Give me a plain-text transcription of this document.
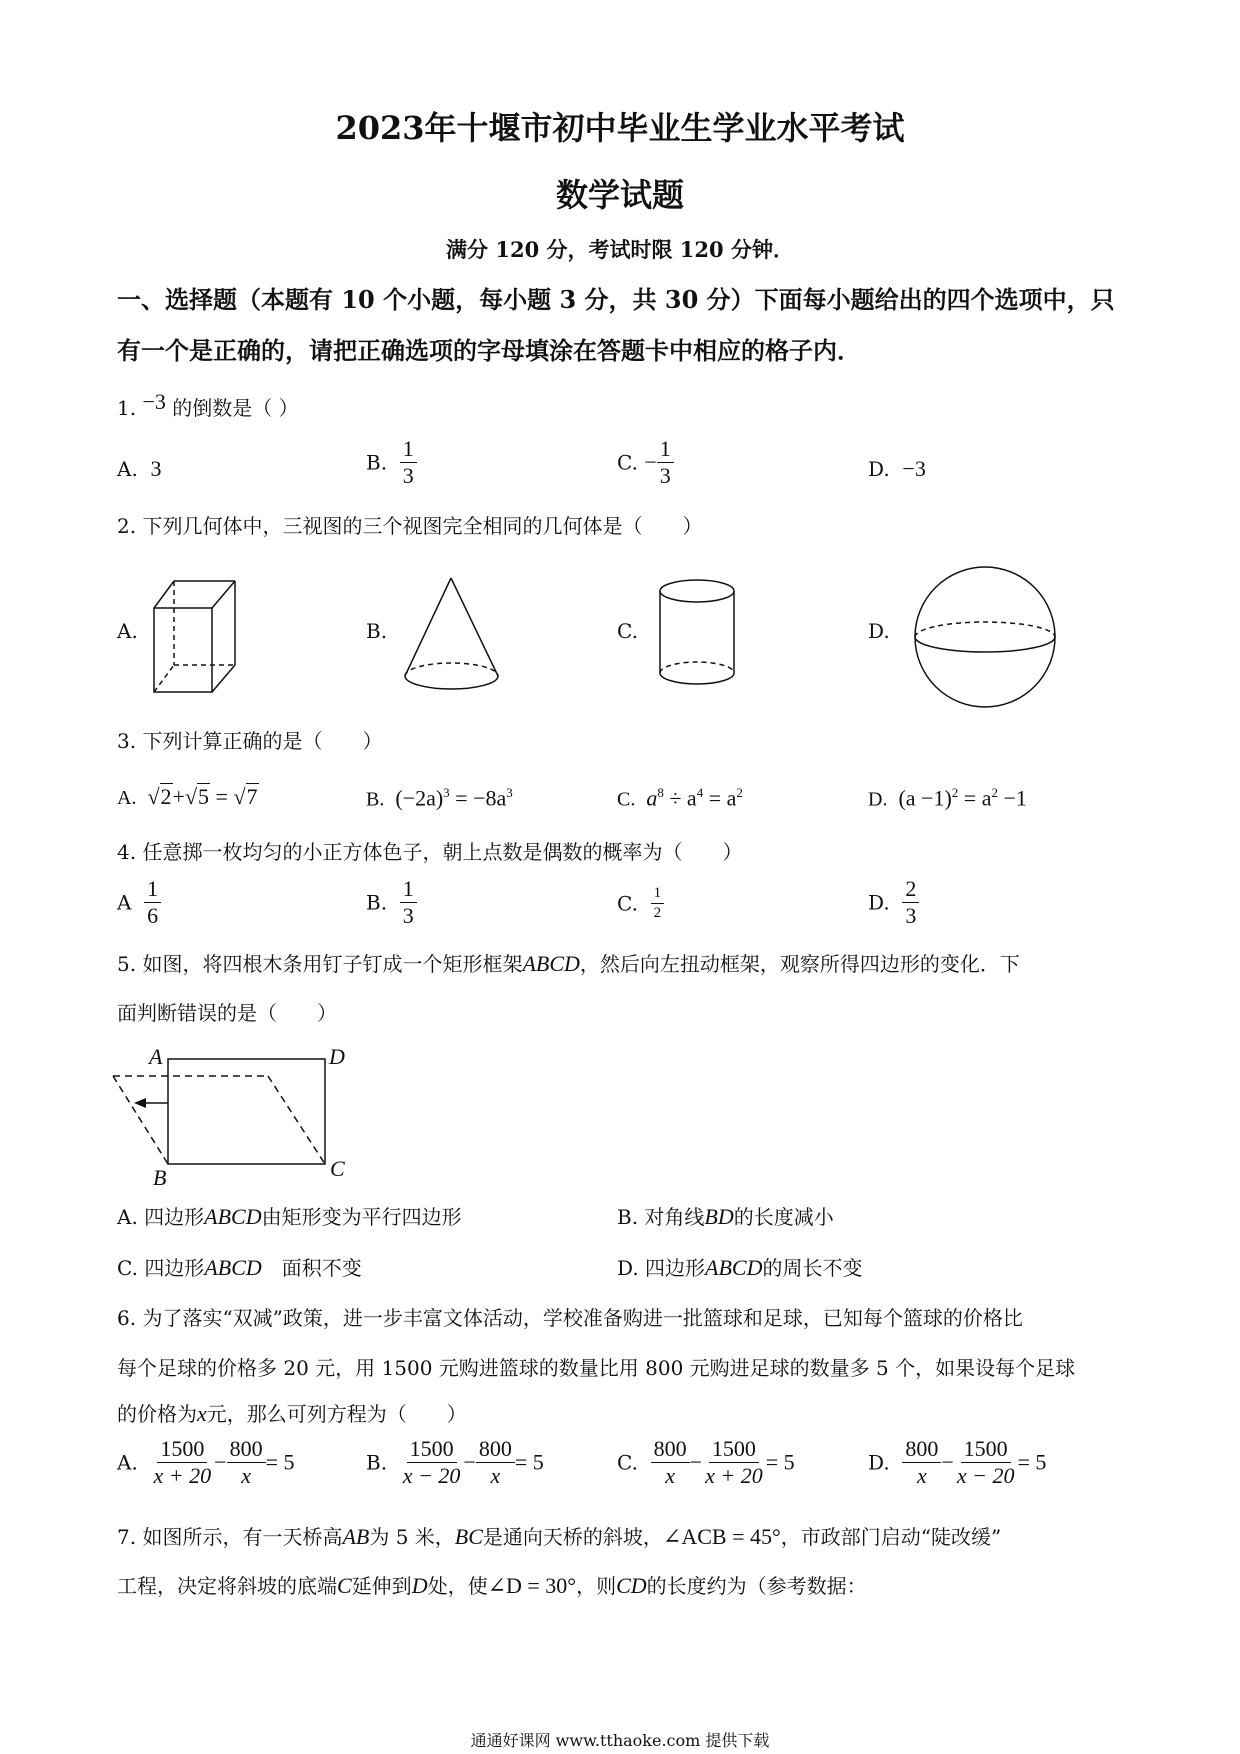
2023年十堰市初中毕业生学业水平考试
数学试题
满分 120 分，考试时限 120 分钟．
一、选择题（本题有 10 个小题，每小题 3 分，共 30 分）下面每小题给出的四个选项中，只
有一个是正确的，请把正确选项的字母填涂在答题卡中相应的格子内．
1. −3 的倒数是（ ）
A. 3	B. $\frac{1}{3}$	C. − $\frac{1}{3}$	D. −3
2. 下列几何体中，三视图的三个视图完全相同的几何体是（　　）
A.	B.	C.	D.
A	D
B	C
3. 下列计算正确的是（　　）
A.  √2+√5 = √7	B. $(-2a)^3 = -8a^3$	C. $a^8 \div a^4 = a^2$	D. $(a -1)^2 = a^2 -1$
4. 任意掷一枚均匀的小正方体色子，朝上点数是偶数的概率为（　　）
A $\frac{1}{6}$	B. $\frac{1}{3}$	C. $\frac{1}{2}$	D. $\frac{2}{3}$
5. 如图，将四根木条用钉子钉成一个矩形框架ABCD，然后向左扭动框架，观察所得四边形的变化．下
面判断错误的是（　　）
A. 四边形ABCD由矩形变为平行四边形	B. 对角线BD的长度减小
C. 四边形ABCD　面积不变	D. 四边形ABCD的周长不变
6. 为了落实“双减”政策，进一步丰富文体活动，学校准备购进一批篮球和足球，已知每个篮球的价格比
每个足球的价格多 20 元，用 1500 元购进篮球的数量比用 800 元购进足球的数量多 5 个，如果设每个足球
的价格为x元，那么可列方程为（　　）
A. $\frac{1500}{x + 20} - \frac{800}{x} = 5$	B. $\frac{1500}{x - 20} - \frac{800}{x} = 5$	C. $\frac{800}{x} - \frac{1500}{x + 20} = 5$	D. $\frac{800}{x} - \frac{1500}{x - 20} = 5$
7. 如图所示，有一天桥高AB为 5 米，BC是通向天桥的斜坡，∠ACB = 45°，市政部门启动“陡改缓”
工程，决定将斜坡的底端C延伸到D处，使∠D = 30°，则CD的长度约为（参考数据：
通通好课网 www.tthaoke.com 提供下载
